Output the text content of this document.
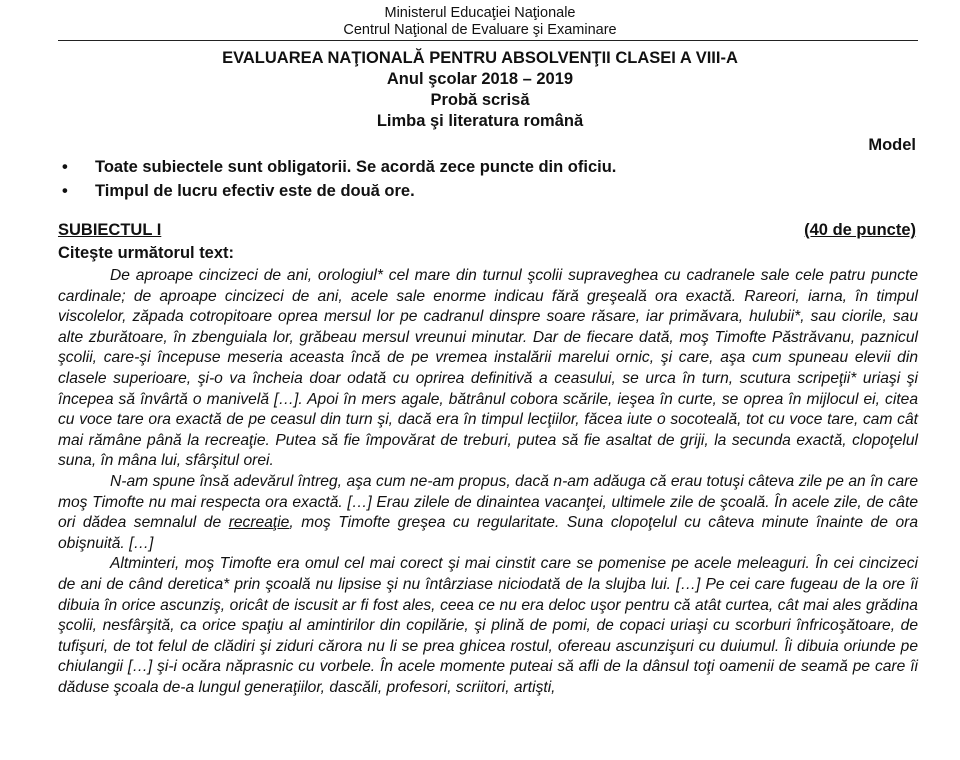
Ministerul Educaţiei Naţionale
Centrul Naţional de Evaluare şi Examinare
EVALUAREA NAŢIONALĂ PENTRU ABSOLVENŢII CLASEI A VIII-A
Anul şcolar 2018 – 2019
Probă scrisă
Limba şi literatura română
Model
• Toate subiectele sunt obligatorii. Se acordă zece puncte din oficiu.
• Timpul de lucru efectiv este de două ore.
SUBIECTUL I	(40 de puncte)
Citeşte următorul text:

De aproape cincizeci de ani, orologiul* cel mare din turnul şcolii supraveghea cu cadranele sale cele patru puncte cardinale; de aproape cincizeci de ani, acele sale enorme indicau fără greşeală ora exactă. Rareori, iarna, în timpul viscolelor, zăpada cotropitoare oprea mersul lor pe cadranul dinspre soare răsare, iar primăvara, hulubii*, sau ciorile, sau alte zburătoare, în zbenguiala lor, grăbeau mersul vreunui minutar. Dar de fiecare dată, moş Timofte Păstrăvanu, paznicul şcolii, care-şi începuse meseria aceasta încă de pe vremea instalării marelui ornic, şi care, aşa cum spuneau elevii din clasele superioare, şi-o va încheia doar odată cu oprirea definitivă a ceasului, se urca în turn, scutura scripeţii* uriaşi şi începea să învârtă o manivelă […]. Apoi în mers agale, bătrânul cobora scările, ieşea în curte, se oprea în mijlocul ei, citea cu voce tare ora exactă de pe ceasul din turn şi, dacă era în timpul lecţiilor, făcea iute o socoteală, tot cu voce tare, cam cât mai rămâne până la recreaţie. Putea să fie împovărat de treburi, putea să fie asaltat de griji, la secunda exactă, clopoţelul suna, în mâna lui, sfârşitul orei.

N-am spune însă adevărul întreg, aşa cum ne-am propus, dacă n-am adăuga că erau totuşi câteva zile pe an în care moş Timofte nu mai respecta ora exactă. […] Erau zilele de dinaintea vacanţei, ultimele zile de şcoală. În acele zile, de câte ori dădea semnalul de recreaţie, moş Timofte greşea cu regularitate. Suna clopoţelul cu câteva minute înainte de ora obişnuită. […]

Altminteri, moş Timofte era omul cel mai corect şi mai cinstit care se pomenise pe acele meleaguri. În cei cincizeci de ani de când deretica* prin şcoală nu lipsise şi nu întârziase niciodată de la slujba lui. […] Pe cei care fugeau de la ore îi dibuia în orice ascunziş, oricât de iscusit ar fi fost ales, ceea ce nu era deloc uşor pentru că atât curtea, cât mai ales grădina şcolii, nesfârşită, ca orice spaţiu al amintirilor din copilărie, şi plină de pomi, de copaci uriaşi cu scorburi înfricoşătoare, de tufişuri, de tot felul de clădiri şi ziduri cărora nu li se prea ghicea rostul, ofereau ascunzişuri cu duiumul. Îi dibuia oriunde pe chiulangii […] şi-i ocăra năprasnic cu vorbele. În acele momente puteai să afli de la dânsul toţi oamenii de seamă pe care îi dăduse şcoala de-a lungul generaţiilor, dascăli, profesori, scriitori, artişti,
